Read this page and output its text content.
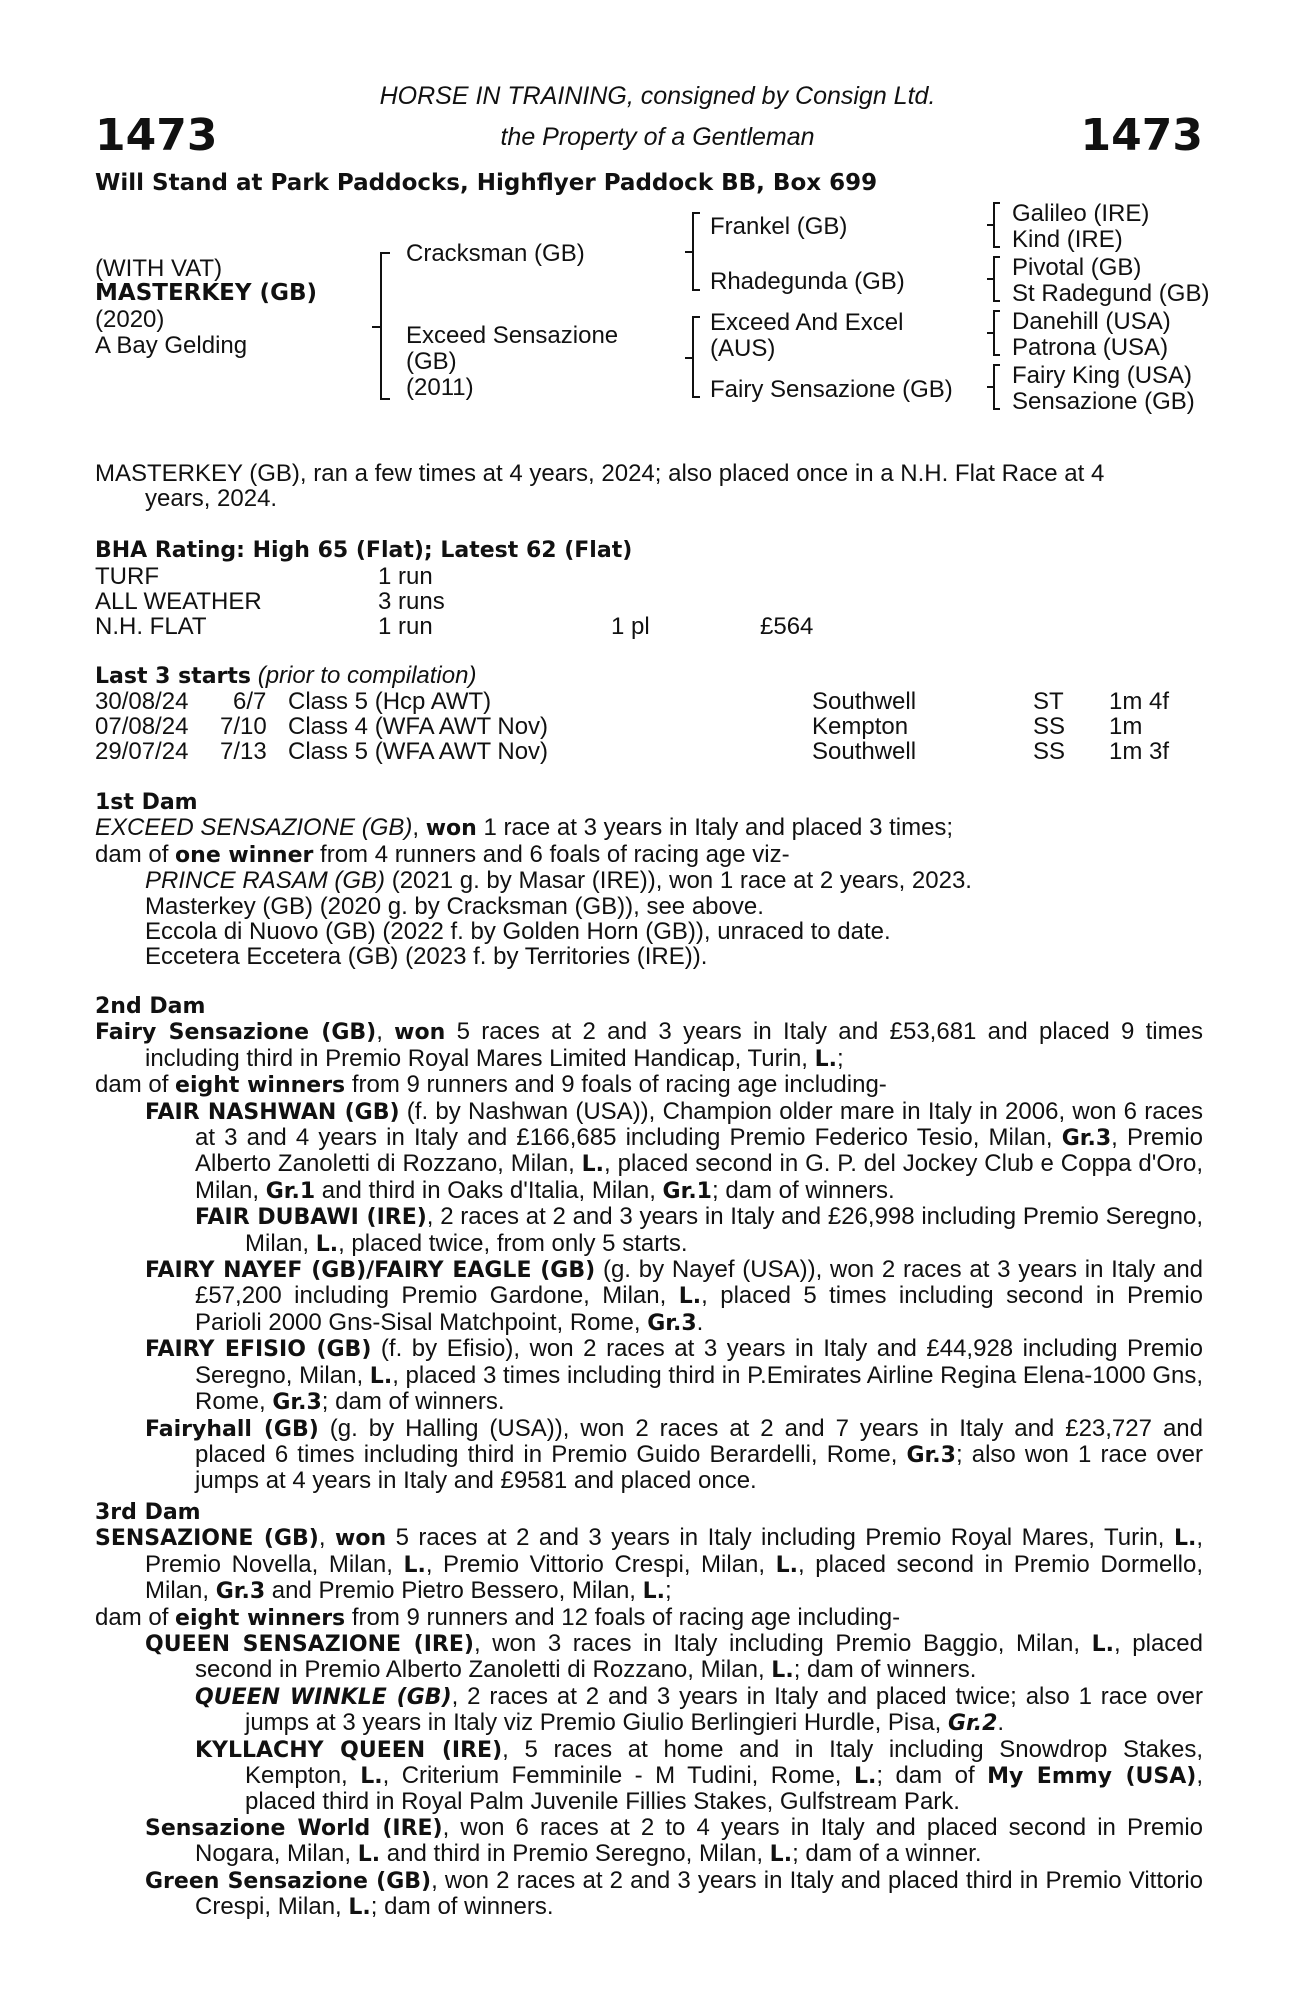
1473	1473
HORSE IN TRAINING, consigned by Consign Ltd.
the Property of a Gentleman
Will Stand at Park Paddocks, Highflyer Paddock BB, Box 699
(WITH VAT)
MASTERKEY (GB)
(2020)
A Bay Gelding
Cracksman (GB)
Exceed Sensazione
(GB)
(2011)
Frankel (GB)
Rhadegunda (GB)
Exceed And Excel
(AUS)
Fairy Sensazione (GB)
Galileo (IRE)
Kind (IRE)
Pivotal (GB)
St Radegund (GB)
Danehill (USA)
Patrona (USA)
Fairy King (USA)
Sensazione (GB)
MASTERKEY (GB), ran a few times at 4 years, 2024; also placed once in a N.H. Flat Race at 4
years, 2024.
BHA Rating: High 65 (Flat); Latest 62 (Flat)
TURF	1 run
ALL WEATHER	3 runs
N.H. FLAT	1 run	1 pl	£564
Last 3 starts (prior to compilation)
30/08/24 6/7 Class 5 (Hcp AWT)	Southwell	ST 1m 4f
07/08/24 7/10 Class 4 (WFA AWT Nov)	Kempton	SS 1m
29/07/24 7/13 Class 5 (WFA AWT Nov)	Southwell	SS 1m 3f

1st Dam

EXCEED SENSAZIONE (GB), won 1 race at 3 years in Italy and placed 3 times;

dam of one winner from 4 runners and 6 foals of racing age viz-

PRINCE RASAM (GB) (2021 g. by Masar (IRE)), won 1 race at 2 years, 2023.

Masterkey (GB) (2020 g. by Cracksman (GB)), see above.

Eccola di Nuovo (GB) (2022 f. by Golden Horn (GB)), unraced to date.

Eccetera Eccetera (GB) (2023 f. by Territories (IRE)).

2nd Dam

Fairy Sensazione (GB), won 5 races at 2 and 3 years in Italy and £53,681 and placed 9 times including third in Premio Royal Mares Limited Handicap, Turin, L.;

dam of eight winners from 9 runners and 9 foals of racing age including-

FAIR NASHWAN (GB) (f. by Nashwan (USA)), Champion older mare in Italy in 2006, won 6 races at 3 and 4 years in Italy and £166,685 including Premio Federico Tesio, Milan, Gr.3, Premio Alberto Zanoletti di Rozzano, Milan, L., placed second in G. P. del Jockey Club e Coppa d'Oro, Milan, Gr.1 and third in Oaks d'Italia, Milan, Gr.1; dam of winners.

FAIR DUBAWI (IRE), 2 races at 2 and 3 years in Italy and £26,998 including Premio Seregno, Milan, L., placed twice, from only 5 starts.

FAIRY NAYEF (GB)/FAIRY EAGLE (GB) (g. by Nayef (USA)), won 2 races at 3 years in Italy and £57,200 including Premio Gardone, Milan, L., placed 5 times including second in Premio Parioli 2000 Gns-Sisal Matchpoint, Rome, Gr.3.

FAIRY EFISIO (GB) (f. by Efisio), won 2 races at 3 years in Italy and £44,928 including Premio Seregno, Milan, L., placed 3 times including third in P.Emirates Airline Regina Elena-1000 Gns, Rome, Gr.3; dam of winners.

Fairyhall (GB) (g. by Halling (USA)), won 2 races at 2 and 7 years in Italy and £23,727 and placed 6 times including third in Premio Guido Berardelli, Rome, Gr.3; also won 1 race over jumps at 4 years in Italy and £9581 and placed once.

3rd Dam

SENSAZIONE (GB), won 5 races at 2 and 3 years in Italy including Premio Royal Mares, Turin, L., Premio Novella, Milan, L., Premio Vittorio Crespi, Milan, L., placed second in Premio Dormello, Milan, Gr.3 and Premio Pietro Bessero, Milan, L.;

dam of eight winners from 9 runners and 12 foals of racing age including-

QUEEN SENSAZIONE (IRE), won 3 races in Italy including Premio Baggio, Milan, L., placed second in Premio Alberto Zanoletti di Rozzano, Milan, L.; dam of winners.

QUEEN WINKLE (GB), 2 races at 2 and 3 years in Italy and placed twice; also 1 race over jumps at 3 years in Italy viz Premio Giulio Berlingieri Hurdle, Pisa, Gr.2.

KYLLACHY QUEEN (IRE), 5 races at home and in Italy including Snowdrop Stakes, Kempton, L., Criterium Femminile - M Tudini, Rome, L.; dam of My Emmy (USA), placed third in Royal Palm Juvenile Fillies Stakes, Gulfstream Park.

Sensazione World (IRE), won 6 races at 2 to 4 years in Italy and placed second in Premio Nogara, Milan, L. and third in Premio Seregno, Milan, L.; dam of a winner.

Green Sensazione (GB), won 2 races at 2 and 3 years in Italy and placed third in Premio Vittorio Crespi, Milan, L.; dam of winners.
